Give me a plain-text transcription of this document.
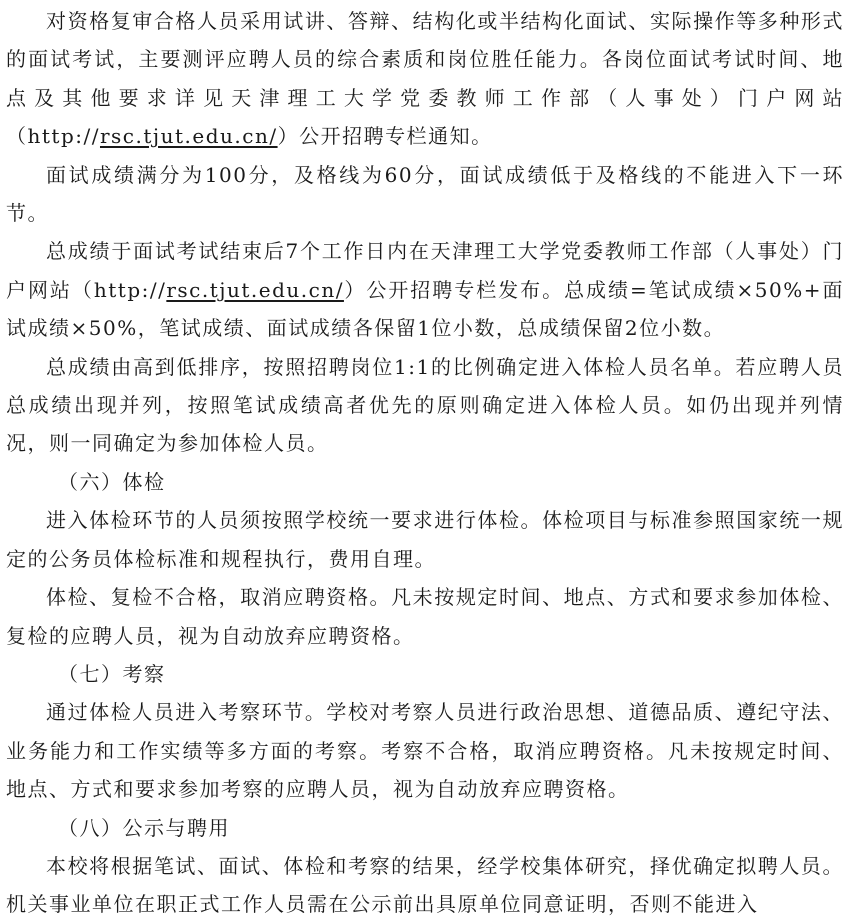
对资格复审合格人员采用试讲、答辩、结构化或半结构化面试、实际操作等多种形式的面试考试，主要测评应聘人员的综合素质和岗位胜任能力。各岗位面试考试时间、地点及其他要求详见天津理工大学党委教师工作部（人事处）门户网站（http://rsc.tjut.edu.cn/）公开招聘专栏通知。

面试成绩满分为100分，及格线为60分，面试成绩低于及格线的不能进入下一环节。

总成绩于面试考试结束后7个工作日内在天津理工大学党委教师工作部（人事处）门户网站（http://rsc.tjut.edu.cn/）公开招聘专栏发布。总成绩=笔试成绩×50%+面试成绩×50%，笔试成绩、面试成绩各保留1位小数，总成绩保留2位小数。

总成绩由高到低排序，按照招聘岗位1:1的比例确定进入体检人员名单。若应聘人员总成绩出现并列，按照笔试成绩高者优先的原则确定进入体检人员。如仍出现并列情况，则一同确定为参加体检人员。

（六）体检

进入体检环节的人员须按照学校统一要求进行体检。体检项目与标准参照国家统一规定的公务员体检标准和规程执行，费用自理。

体检、复检不合格，取消应聘资格。凡未按规定时间、地点、方式和要求参加体检、复检的应聘人员，视为自动放弃应聘资格。

（七）考察

通过体检人员进入考察环节。学校对考察人员进行政治思想、道德品质、遵纪守法、业务能力和工作实绩等多方面的考察。考察不合格，取消应聘资格。凡未按规定时间、地点、方式和要求参加考察的应聘人员，视为自动放弃应聘资格。

（八）公示与聘用

本校将根据笔试、面试、体检和考察的结果，经学校集体研究，择优确定拟聘人员。机关事业单位在职正式工作人员需在公示前出具原单位同意证明，否则不能进入
